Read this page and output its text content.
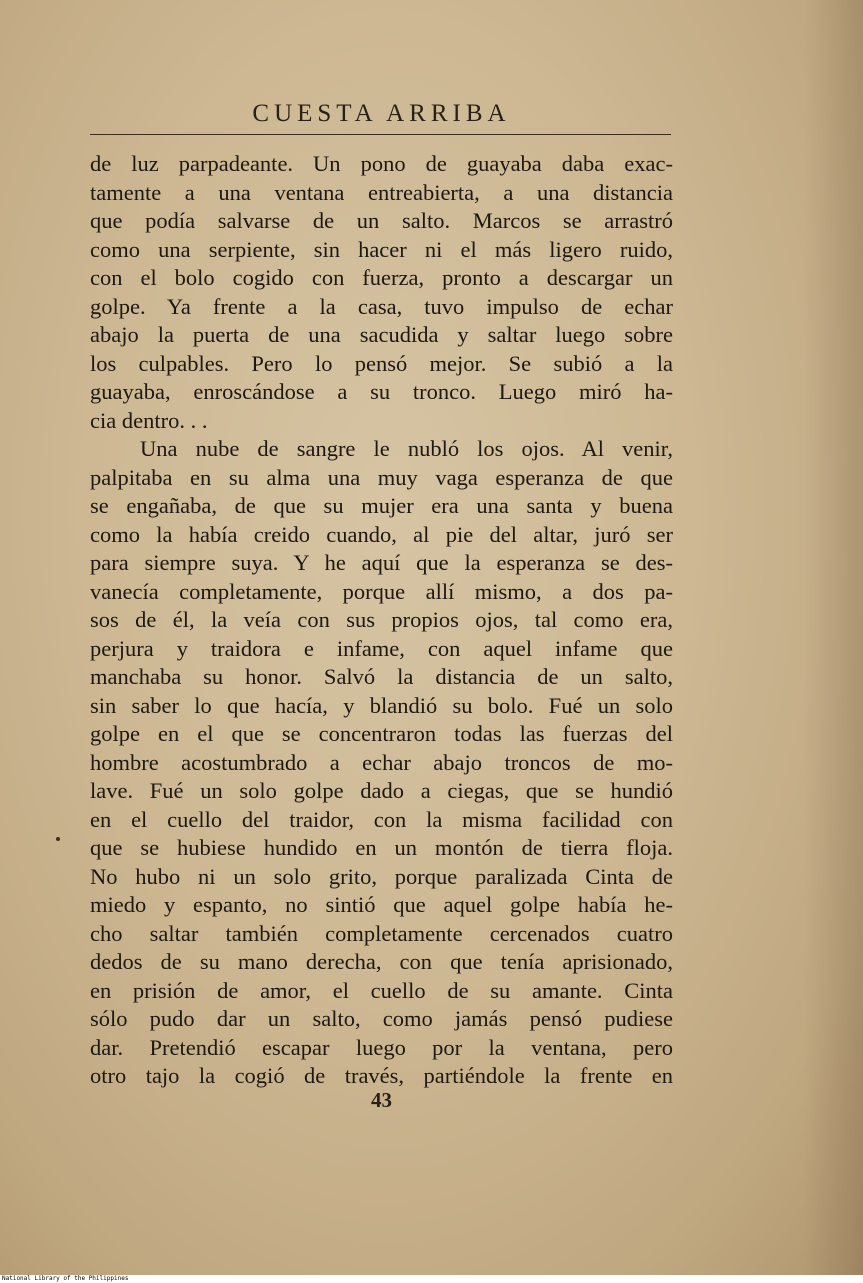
CUESTA ARRIBA
de luz parpadeante. Un pono de guayaba daba exac-
tamente a una ventana entreabierta, a una distancia
que podía salvarse de un salto. Marcos se arrastró
como una serpiente, sin hacer ni el más ligero ruido,
con el bolo cogido con fuerza, pronto a descargar un
golpe. Ya frente a la casa, tuvo impulso de echar
abajo la puerta de una sacudida y saltar luego sobre
los culpables. Pero lo pensó mejor. Se subió a la
guayaba, enroscándose a su tronco. Luego miró ha-
cia dentro. . .
Una nube de sangre le nubló los ojos. Al venir,
palpitaba en su alma una muy vaga esperanza de que
se engañaba, de que su mujer era una santa y buena
como la había creido cuando, al pie del altar, juró ser
para siempre suya. Y he aquí que la esperanza se des-
vanecía completamente, porque allí mismo, a dos pa-
sos de él, la veía con sus propios ojos, tal como era,
perjura y traidora e infame, con aquel infame que
manchaba su honor. Salvó la distancia de un salto,
sin saber lo que hacía, y blandió su bolo. Fué un solo
golpe en el que se concentraron todas las fuerzas del
hombre acostumbrado a echar abajo troncos de mo-
lave. Fué un solo golpe dado a ciegas, que se hundió
en el cuello del traidor, con la misma facilidad con
que se hubiese hundido en un montón de tierra floja.
No hubo ni un solo grito, porque paralizada Cinta de
miedo y espanto, no sintió que aquel golpe había he-
cho saltar también completamente cercenados cuatro
dedos de su mano derecha, con que tenía aprisionado,
en prisión de amor, el cuello de su amante. Cinta
sólo pudo dar un salto, como jamás pensó pudiese
dar. Pretendió escapar luego por la ventana, pero
otro tajo la cogió de través, partiéndole la frente en
43
National Library of the Philippines
